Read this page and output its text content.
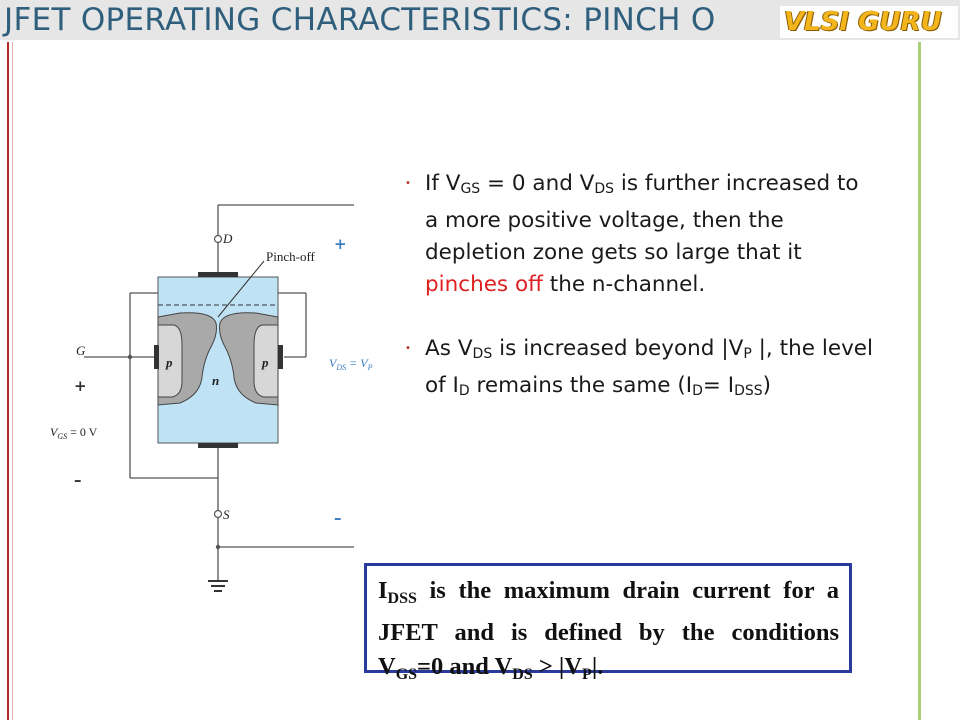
JFET OPERATING CHARACTERISTICS: PINCH O	VLSI GURU
D
S
G
Pinch-off
p	p
n
$V_{GS} = 0$ V
$V_{DS} = V_P$
+
–
+
–
• If $V_{GS} = 0$ and $V_{DS}$ is further increased to a more positive voltage, then the depletion zone gets so large that it pinches off the n-channel.
• As $V_{DS}$ is increased beyond $|V_P$ |, the level of $I_D$ remains the same $(I_D= I_{DSS})$
$I_{DSS}$ is the maximum drain current for a JFET and is defined by the conditions $V_{GS}=0$ and $V_{DS} > |V_P|$.
